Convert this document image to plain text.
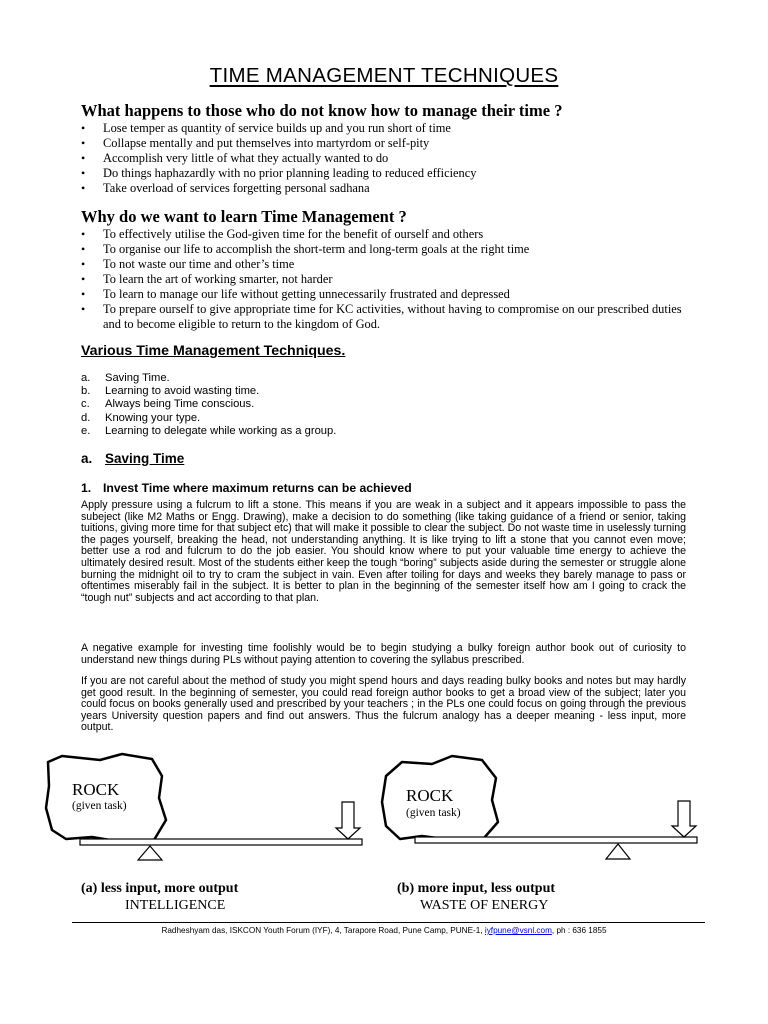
TIME MANAGEMENT TECHNIQUES
What happens to those who do not know how to manage their time ?
• Lose temper as quantity of service builds up and you run short of time
• Collapse mentally and put themselves into martyrdom or self-pity
• Accomplish very little of what they actually wanted to do
• Do things haphazardly with no prior planning leading to reduced efficiency
• Take overload of services forgetting personal sadhana
Why do we want to learn Time Management ?
• To effectively utilise the God-given time for the benefit of ourself and others
• To organise our life to accomplish the short-term and long-term goals at the right time
• To not waste our time and other’s time
• To learn the art of working smarter, not harder
• To learn to manage our life without getting unnecessarily frustrated and depressed
• To prepare ourself to give appropriate time for KC activities, without having to compromise on our prescribed duties and to become eligible to return to the kingdom of God.
Various Time Management Techniques.
a. Saving Time.
b. Learning to avoid wasting time.
c. Always being Time conscious.
d. Knowing your type.
e. Learning to delegate while working as a group.
a. Saving Time
1. Invest Time where maximum returns can be achieved

Apply pressure using a fulcrum to lift a stone. This means if you are weak in a subject and it appears impossible to pass the subeject (like M2 Maths or Engg. Drawing), make a decision to do something (like taking guidance of a friend or senior, taking tuitions, giving more time for that subject etc) that will make it possible to clear the subject. Do not waste time in uselessly turning the pages yourself, breaking the head, not understanding anything. It is like trying to lift a stone that you cannot even move; better use a rod and fulcrum to do the job easier. You should know where to put your valuable time energy to achieve the ultimately desired result. Most of the students either keep the tough “boring” subjects aside during the semester or struggle alone burning the midnight oil to try to cram the subject in vain. Even after toiling for days and weeks they barely manage to pass or oftentimes miserably fail in the subject. It is better to plan in the beginning of the semester itself how am I going to crack the “tough nut” subjects and act according to that plan.

A negative example for investing time foolishly would be to begin studying a bulky foreign author book out of curiosity to understand new things during PLs without paying attention to covering the syllabus prescribed.

If you are not careful about the method of study you might spend hours and days reading bulky books and notes but may hardly get good result. In the beginning of semester, you could read foreign author books to get a broad view of the subject; later you could focus on books generally used and prescribed by your teachers ; in the PLs one could focus on going through the previous years University question papers and find out answers. Thus the fulcrum analogy has a deeper meaning - less input, more output.

ROCK
(given task)
ROCK
(given task)
(a) less input, more output
INTELLIGENCE
(b) more input, less output
WASTE OF ENERGY
Radheshyam das, ISKCON Youth Forum (IYF), 4, Tarapore Road, Pune Camp, PUNE-1, iyfpune@vsnl.com, ph : 636 1855
